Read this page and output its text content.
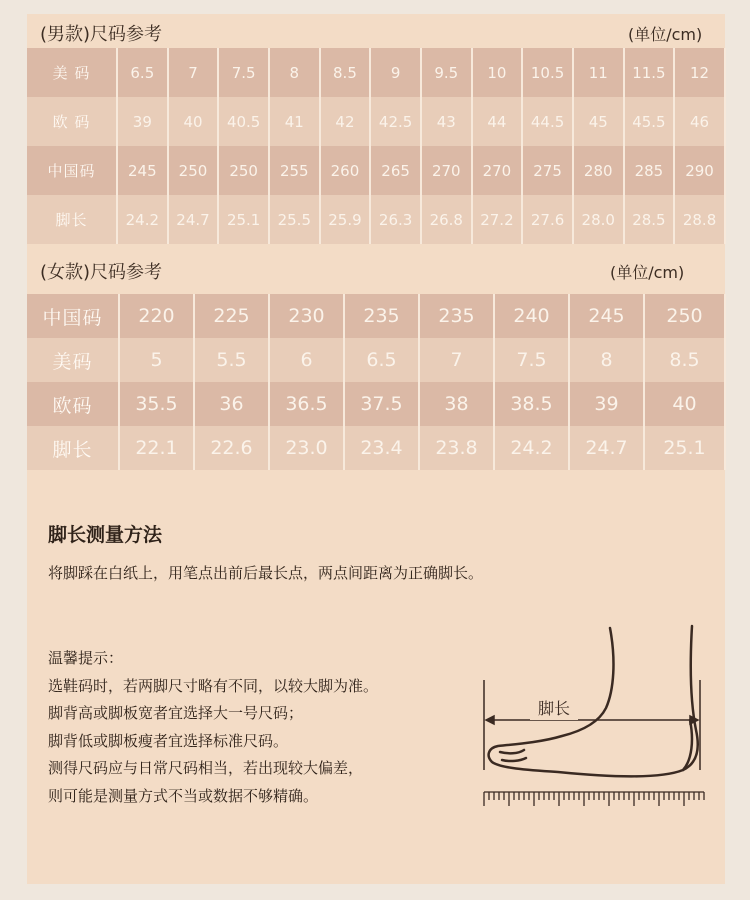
(男款)尺码参考	(单位/cm)
美 码	6.5	7	7.5	8	8.5	9	9.5	10	10.5	11	11.5	12
欧 码	39	40	40.5	41	42	42.5	43	44	44.5	45	45.5	46
中国码	245	250	250	255	260	265	270	270	275	280	285	290
脚长	24.2	24.7	25.1	25.5	25.9	26.3	26.8	27.2	27.6	28.0	28.5	28.8
(女款)尺码参考	(单位/cm)
中国码	220	225	230	235	235	240	245	250
美码	5	5.5	6	6.5	7	7.5	8	8.5
欧码	35.5	36	36.5	37.5	38	38.5	39	40
脚长	22.1	22.6	23.0	23.4	23.8	24.2	24.7	25.1
脚长测量方法
将脚踩在白纸上，用笔点出前后最长点，两点间距离为正确脚长。
温馨提示：
选鞋码时，若两脚尺寸略有不同，以较大脚为准。
脚背高或脚板宽者宜选择大一号尺码；
脚背低或脚板瘦者宜选择标准尺码。
测得尺码应与日常尺码相当，若出现较大偏差，
则可能是测量方式不当或数据不够精确。
脚长
